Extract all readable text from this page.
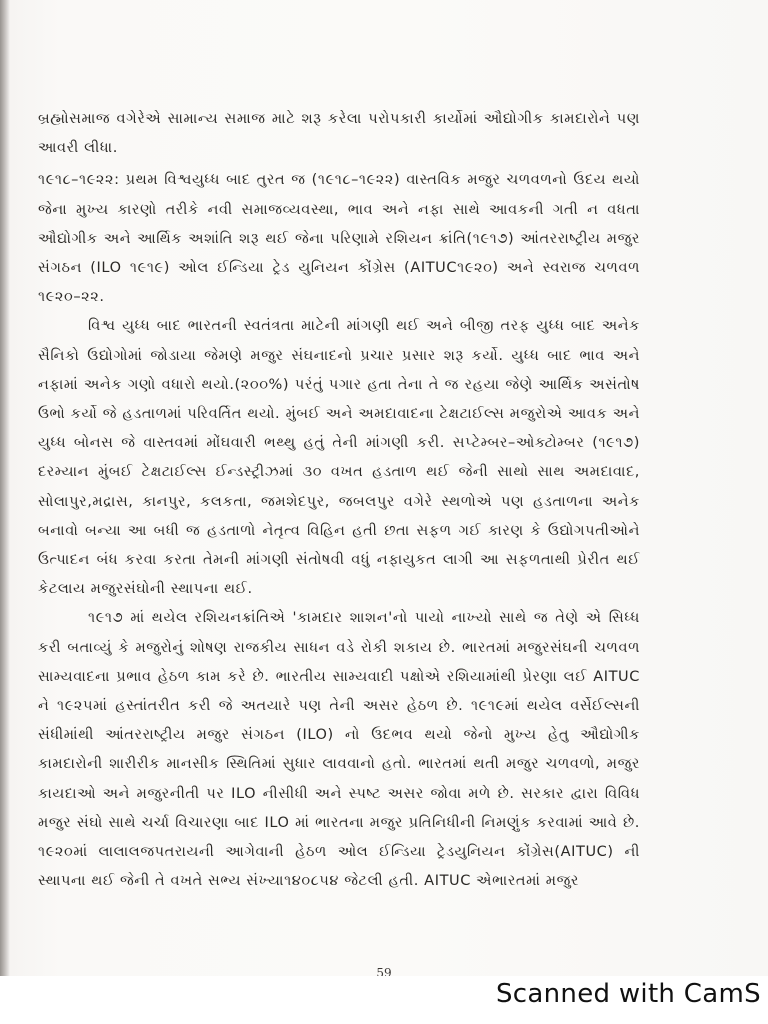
બ્રહ્મોસમાજ વગેરેએ સામાન્ય સમાજ માટે શરૂ કરેલા પરોપકારી કાર્યોમાં ઔદ્યોગીક કામદારોને પણ આવરી લીધા.

૧૯૧૮–૧૯૨૨: પ્રથમ વિશ્વયુધ્ધ બાદ તુરત જ (૧૯૧૮–૧૯૨૨) વાસ્તવિક મજુર ચળવળનો ઉદય થયો જેના મુખ્ય કારણો તરીકે નવી સમાજવ્યવસ્થા, ભાવ અને નફા સાથે આવકની ગતી ન વધતા ઔદ્યોગીક અને આર્થિક અશાંતિ શરૂ થઈ જેના પરિણામે રશિયન ક્રાંતિ(૧૯૧૭) આંતરરાષ્ટ્રીય મજુર સંગઠન (ILO ૧૯૧૯) ઓલ ઈન્ડિયા ટ્રેડ યુનિયન કોંગ્રેસ (AITUC૧૯૨૦) અને સ્વરાજ ચળવળ ૧૯૨૦–૨૨.

વિશ્વ યુધ્ધ બાદ ભારતની સ્વતંત્રતા માટેની માંગણી થઈ અને બીજી તરફ યુધ્ધ બાદ અનેક સૈનિકો ઉદ્યોગોમાં જોડાયા જેમણે મજુર સંઘનાદનો પ્રચાર પ્રસાર શરૂ કર્યો. યુધ્ધ બાદ ભાવ અને નફામાં અનેક ગણો વધારો થયો.(૨૦૦%) પરંતું પગાર હતા તેના તે જ રહયા જેણે આર્થિક અસંતોષ ઉભો કર્યો જે હડતાળમાં પરિવર્તિત થયો. મુંબઈ અને અમદાવાદના ટેક્ષટાઈલ્સ મજુરોએ આવક અને યુધ્ધ બોનસ જે વાસ્તવમાં મોંઘવારી ભથ્થુ હતું તેની માંગણી કરી. સપ્ટેમ્બર–ઓક્ટોમ્બર (૧૯૧૭) દરમ્યાન મુંબઈ ટેક્ષટાઈલ્સ ઈન્ડસ્ટ્રીઝમાં ૩૦ વખત હડતાળ થઈ જેની સાથો સાથ અમદાવાદ, સોલાપુર,મદ્રાસ, કાનપુર, કલકતા, જમશેદપુર, જબલપુર વગેરે સ્થળોએ પણ હડતાળના અનેક બનાવો બન્યા આ બધી જ હડતાળો નેતૃત્વ વિહિન હતી છતા સફળ ગઈ કારણ કે ઉદ્યોગપતીઓને ઉત્પાદન બંધ કરવા કરતા તેમની માંગણી સંતોષવી વધું નફાયુકત લાગી આ સફળતાથી પ્રેરીત થઈ કેટલાય મજુરસંઘોની સ્થાપના થઈ.

૧૯૧૭ માં થયેલ રશિયનક્રાંતિએ 'કામદાર શાશન'નો પાયો નાખ્યો સાથે જ તેણે એ સિધ્ધ કરી બતાવ્યું કે મજુરોનું શોષણ રાજકીય સાધન વડે રોકી શકાય છે. ભારતમાં મજુરસંઘની ચળવળ સામ્યવાદના પ્રભાવ હેઠળ કામ કરે છે. ભારતીય સામ્યવાદી પક્ષોએ રશિયામાંથી પ્રેરણા લઈ AITUC ને ૧૯૨૫માં હસ્તાંતરીત કરી જે અતયારે પણ તેની અસર હેઠળ છે. ૧૯૧૯માં થયેલ વર્સેઈલ્સની સંધીમાંથી આંતરરાષ્ટ્રીય મજુર સંગઠન (ILO) નો ઉદભવ થયો જેનો મુખ્ય હેતુ ઔદ્યોગીક કામદારોની શારીરીક માનસીક સ્થિતિમાં સુધાર લાવવાનો હતો. ભારતમાં થતી મજુર ચળવળો, મજુર કાયદાઓ અને મજુરનીતી પર ILO નીસીધી અને સ્પષ્ટ અસર જોવા મળે છે. સરકાર દ્વારા વિવિધ મજુર સંઘો સાથે ચર્ચા વિચારણા બાદ ILO માં ભારતના મજુર પ્રતિનિધીની નિમણુંક કરવામાં આવે છે. ૧૯૨૦માં લાલાલજપતરાયની આગેવાની હેઠળ ઓલ ઈન્ડિયા ટ્રેડયુનિયન કોંગ્રેસ(AITUC) ની સ્થાપના થઈ જેની તે વખતે સભ્ય સંખ્યા૧૪૦૮૫૪ જેટલી હતી. AITUC એભારતમાં મજુર

59
Scanned with CamS
